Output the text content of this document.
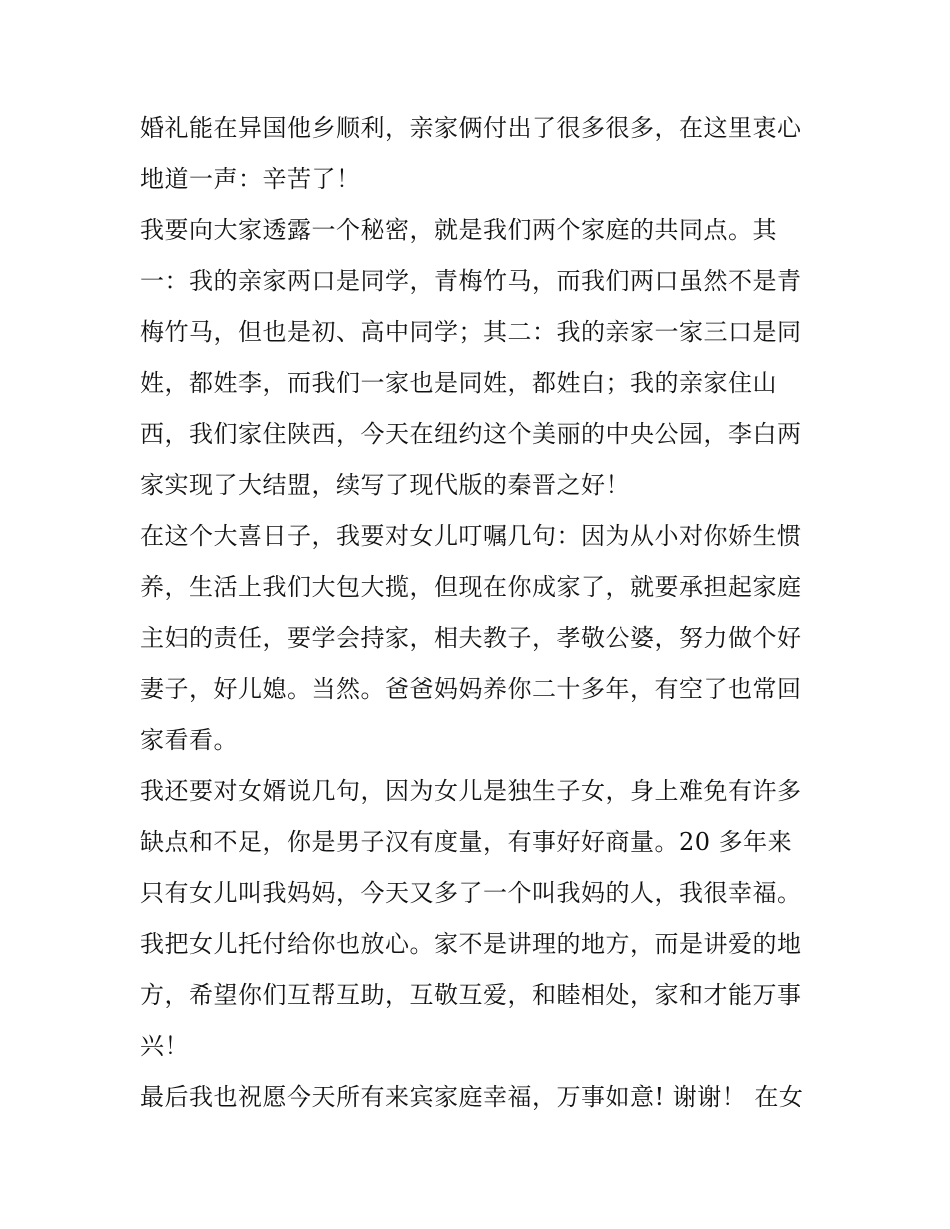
婚礼能在异国他乡顺利，亲家俩付出了很多很多，在这里衷心
地道一声：辛苦了！
我要向大家透露一个秘密，就是我们两个家庭的共同点。其
一：我的亲家两口是同学，青梅竹马，而我们两口虽然不是青
梅竹马，但也是初、高中同学；其二：我的亲家一家三口是同
姓，都姓李，而我们一家也是同姓，都姓白；我的亲家住山
西，我们家住陕西，今天在纽约这个美丽的中央公园，李白两
家实现了大结盟，续写了现代版的秦晋之好！
在这个大喜日子，我要对女儿叮嘱几句：因为从小对你娇生惯
养，生活上我们大包大揽，但现在你成家了，就要承担起家庭
主妇的责任，要学会持家，相夫教子，孝敬公婆，努力做个好
妻子，好儿媳。当然。爸爸妈妈养你二十多年，有空了也常回
家看看。
我还要对女婿说几句，因为女儿是独生子女，身上难免有许多
缺点和不足，你是男子汉有度量，有事好好商量。20 多年来
只有女儿叫我妈妈，今天又多了一个叫我妈的人，我很幸福。
我把女儿托付给你也放心。家不是讲理的地方，而是讲爱的地
方，希望你们互帮互助，互敬互爱，和睦相处，家和才能万事
兴！
最后我也祝愿今天所有来宾家庭幸福，万事如意! 谢谢！ 在女
